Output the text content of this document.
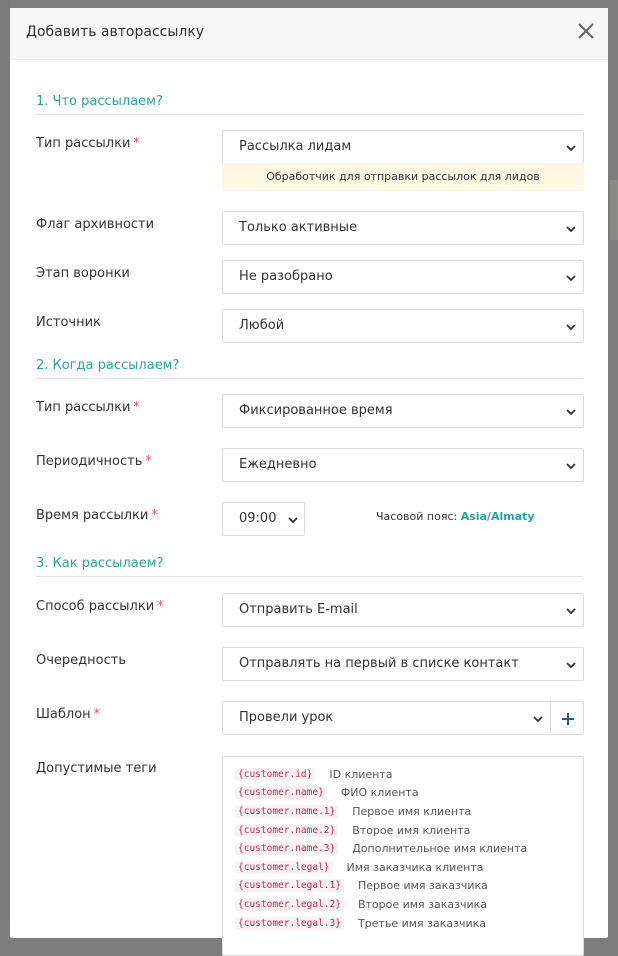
Добавить авторассылку
1. Что рассылаем?
Тип рассылки *	Рассылка лидам
Обработчик для отправки рассылок для лидов
Флаг архивности	Только активные
Этап воронки	Не разобрано
Источник	Любой
2. Когда рассылаем?
Тип рассылки *	Фиксированное время
Периодичность *	Ежедневно
Время рассылки *	09:00	Часовой пояс: Asia/Almaty
3. Как рассылаем?
Способ рассылки *	Отправить E-mail
Очередность	Отправлять на первый в списке контакт
Шаблон *	Провели урок
Допустимые теги	{customer.id} ID клиента
{customer.name} ФИО клиента
{customer.name.1} Первое имя клиента
{customer.name.2} Второе имя клиента
{customer.name.3} Дополнительное имя клиента
{customer.legal} Имя заказчика клиента
{customer.legal.1} Первое имя заказчика
{customer.legal.2} Второе имя заказчика
{customer.legal.3} Третье имя заказчика
